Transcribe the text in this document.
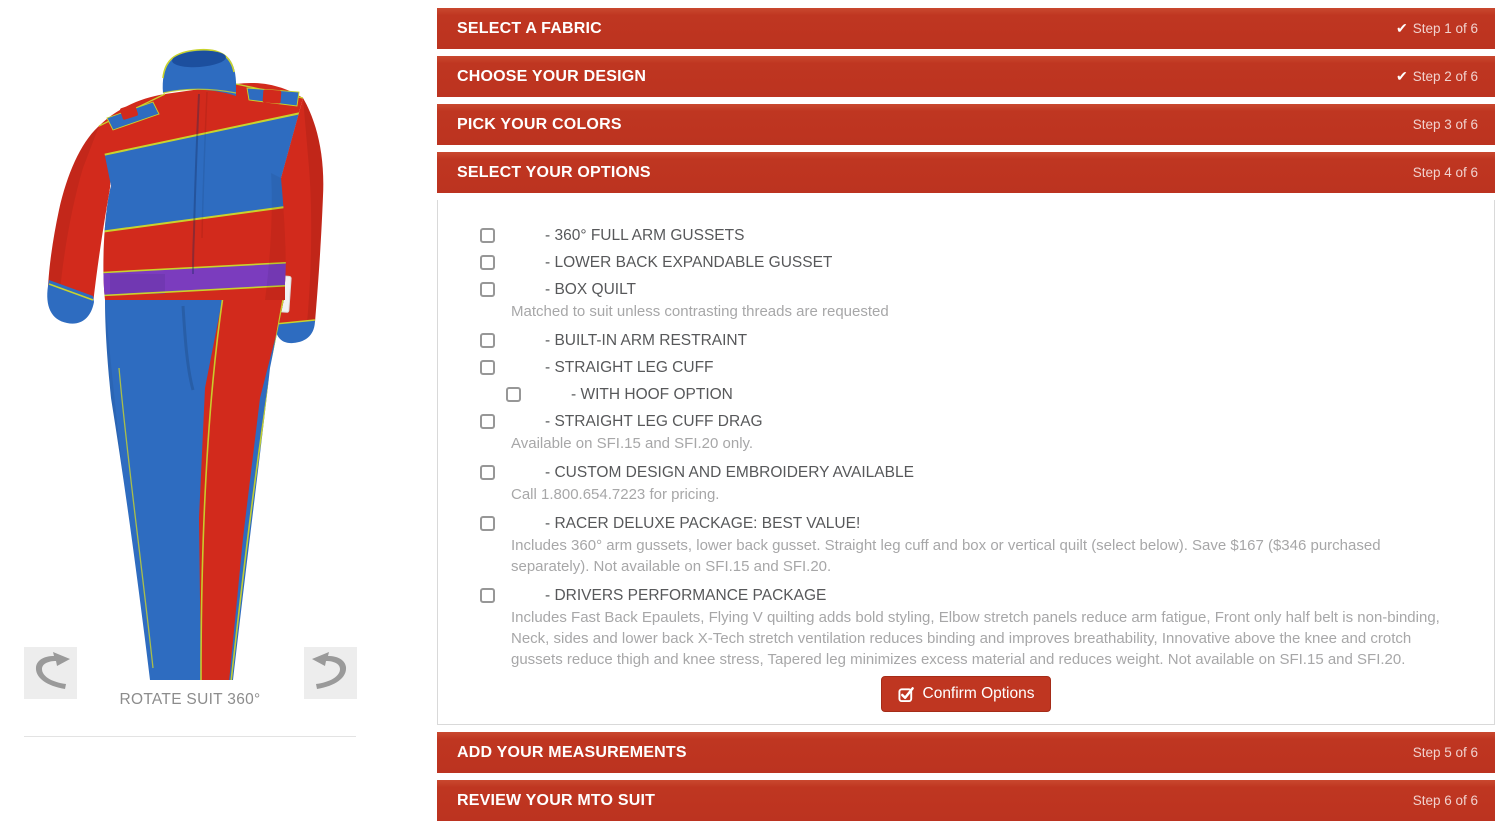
ROTATE SUIT 360°
SELECT A FABRIC	✔ Step 1 of 6
CHOOSE YOUR DESIGN	✔ Step 2 of 6
PICK YOUR COLORS	Step 3 of 6
SELECT YOUR OPTIONS	Step 4 of 6
- 360° FULL ARM GUSSETS
- LOWER BACK EXPANDABLE GUSSET
- BOX QUILT
Matched to suit unless contrasting threads are requested
- BUILT-IN ARM RESTRAINT
- STRAIGHT LEG CUFF
- WITH HOOF OPTION
- STRAIGHT LEG CUFF DRAG
Available on SFI.15 and SFI.20 only.
- CUSTOM DESIGN AND EMBROIDERY AVAILABLE
Call 1.800.654.7223 for pricing.
- RACER DELUXE PACKAGE: BEST VALUE!
Includes 360° arm gussets, lower back gusset. Straight leg cuff and box or vertical quilt (select below). Save $167 ($346 purchased separately). Not available on SFI.15 and SFI.20.
- DRIVERS PERFORMANCE PACKAGE
Includes Fast Back Epaulets, Flying V quilting adds bold styling, Elbow stretch panels reduce arm fatigue, Front only half belt is non-binding, Neck, sides and lower back X-Tech stretch ventilation reduces binding and improves breathability, Innovative above the knee and crotch gussets reduce thigh and knee stress, Tapered leg minimizes excess material and reduces weight. Not available on SFI.15 and SFI.20.
Confirm Options
ADD YOUR MEASUREMENTS	Step 5 of 6
REVIEW YOUR MTO SUIT	Step 6 of 6
